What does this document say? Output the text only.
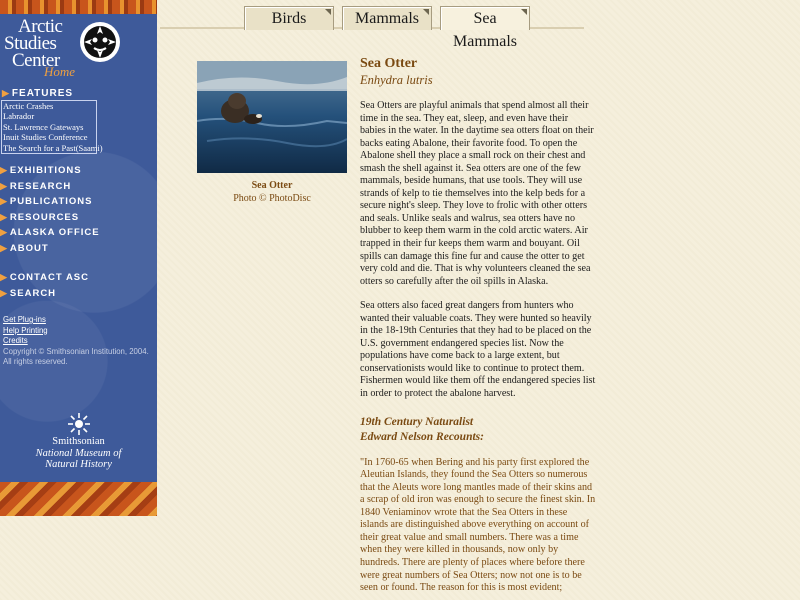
Arctic
Studies
Center
Home
▶ FEATURES
Arctic Crashes
Labrador
St. Lawrence Gateways
Inuit Studies Conference
The Search for a Past(Saami)
▶ EXHIBITIONS
▶ RESEARCH
▶ PUBLICATIONS
▶ RESOURCES
▶ ALASKA OFFICE
▶ ABOUT
▶ CONTACT ASC
▶ SEARCH
Get Plug-ins
Help Printing
Credits
Copyright © Smithsonian Institution, 2004.
All rights reserved.
Smithsonian
National Museum of
Natural History
Birds	Mammals	Sea Mammals
Sea Otter
Photo © PhotoDisc
Sea Otter
Enhydra lutris

Sea Otters are playful animals that spend almost all their time in the sea. They eat, sleep, and even have their babies in the water. In the daytime sea otters float on their backs eating Abalone, their favorite food. To open the Abalone shell they place a small rock on their chest and smash the shell against it. Sea otters are one of the few mammals, beside humans, that use tools. They will use strands of kelp to tie themselves into the kelp beds for a secure night's sleep. They love to frolic with other otters and seals. Unlike seals and walrus, sea otters have no blubber to keep them warm in the cold arctic waters. Air trapped in their fur keeps them warm and bouyant. Oil spills can damage this fine fur and cause the otter to get very cold and die. That is why volunteers cleaned the sea otters so carefully after the oil spills in Alaska.

Sea otters also faced great dangers from hunters who wanted their valuable coats. They were hunted so heavily in the 18-19th Centuries that they had to be placed on the U.S. government endangered species list. Now the populations have come back to a large extent, but conservationists would like to continue to protect them. Fishermen would like them off the endangered species list in order to protect the abalone harvest.

19th Century Naturalist
Edward Nelson Recounts:

"In 1760-65 when Bering and his party first explored the Aleutian Islands, they found the Sea Otters so numerous that the Aleuts wore long mantles made of their skins and a scrap of old iron was enough to secure the finest skin. In 1840 Veniaminov wrote that the Sea Otters in these islands are distinguished above everything on account of their great value and small numbers. There was a time when they were killed in thousands, now only by hundreds. There are plenty of places where before there were great numbers of Sea Otters; now not one is to be seen or found. The reason for this is most evident;
